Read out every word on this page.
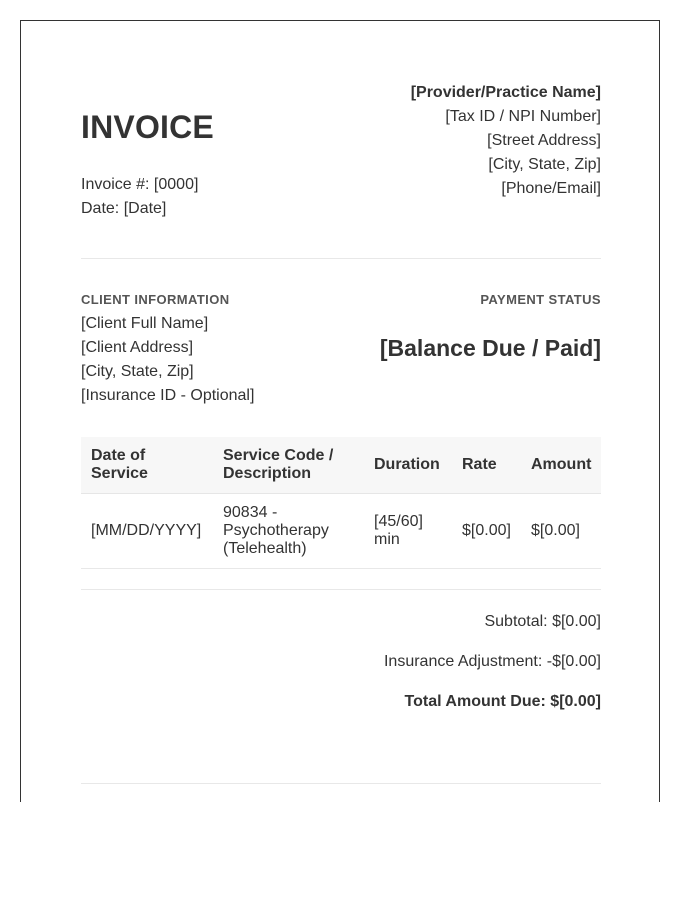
INVOICE
Invoice #: [0000]
Date: [Date]
[Provider/Practice Name]
[Tax ID / NPI Number]
[Street Address]
[City, State, Zip]
[Phone/Email]
CLIENT INFORMATION
[Client Full Name]
[Client Address]
[City, State, Zip]
[Insurance ID - Optional]
PAYMENT STATUS
[Balance Due / Paid]
Date of Service	Service Code / Description	Duration	Rate	Amount
[MM/DD/YYYY]	90834 - Psychotherapy (Telehealth)	[45/60] min	$[0.00]	$[0.00]
Subtotal: $[0.00]
Insurance Adjustment: -$[0.00]
Total Amount Due: $[0.00]
